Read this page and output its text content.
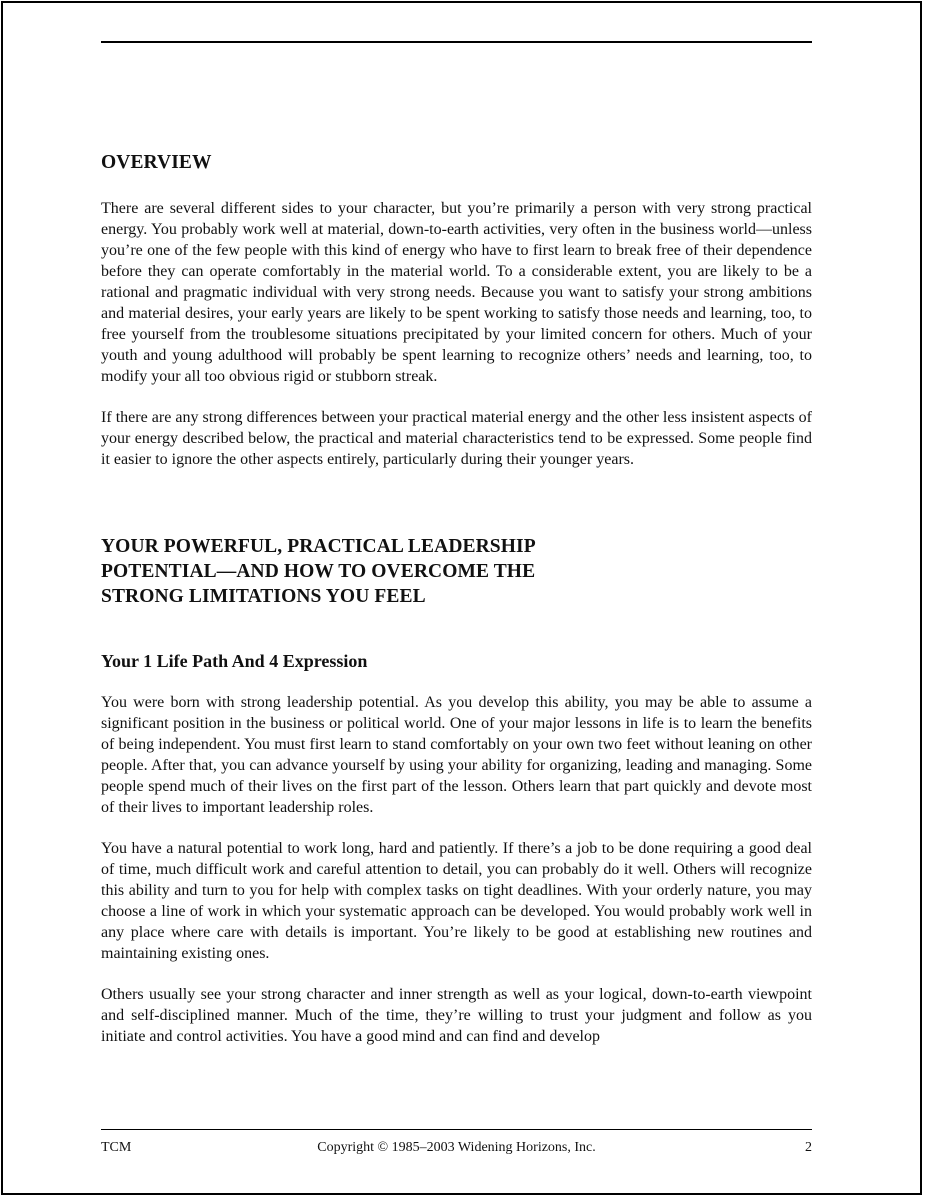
OVERVIEW

There are several different sides to your character, but you’re primarily a person with very strong practical energy. You probably work well at material, down-to-earth activities, very often in the business world—unless you’re one of the few people with this kind of energy who have to first learn to break free of their dependence before they can operate comfortably in the material world. To a considerable extent, you are likely to be a rational and pragmatic individual with very strong needs. Because you want to satisfy your strong ambitions and material desires, your early years are likely to be spent working to satisfy those needs and learning, too, to free yourself from the troublesome situations precipitated by your limited concern for others. Much of your youth and young adulthood will probably be spent learning to recognize others’ needs and learning, too, to modify your all too obvious rigid or stubborn streak.

If there are any strong differences between your practical material energy and the other less insistent aspects of your energy described below, the practical and material characteristics tend to be expressed. Some people find it easier to ignore the other aspects entirely, particularly during their younger years.

YOUR POWERFUL, PRACTICAL LEADERSHIP
POTENTIAL—AND HOW TO OVERCOME THE
STRONG LIMITATIONS YOU FEEL
Your 1 Life Path And 4 Expression

You were born with strong leadership potential. As you develop this ability, you may be able to assume a significant position in the business or political world. One of your major lessons in life is to learn the benefits of being independent. You must first learn to stand comfortably on your own two feet without leaning on other people. After that, you can advance yourself by using your ability for organizing, leading and managing. Some people spend much of their lives on the first part of the lesson. Others learn that part quickly and devote most of their lives to important leadership roles.

You have a natural potential to work long, hard and patiently. If there’s a job to be done requiring a good deal of time, much difficult work and careful attention to detail, you can probably do it well. Others will recognize this ability and turn to you for help with complex tasks on tight deadlines. With your orderly nature, you may choose a line of work in which your systematic approach can be developed. You would probably work well in any place where care with details is important. You’re likely to be good at establishing new routines and maintaining existing ones.

Others usually see your strong character and inner strength as well as your logical, down-to-earth viewpoint and self-disciplined manner. Much of the time, they’re willing to trust your judgment and follow as you initiate and control activities. You have a good mind and can find and develop

TCM	Copyright © 1985–2003 Widening Horizons, Inc.	2
